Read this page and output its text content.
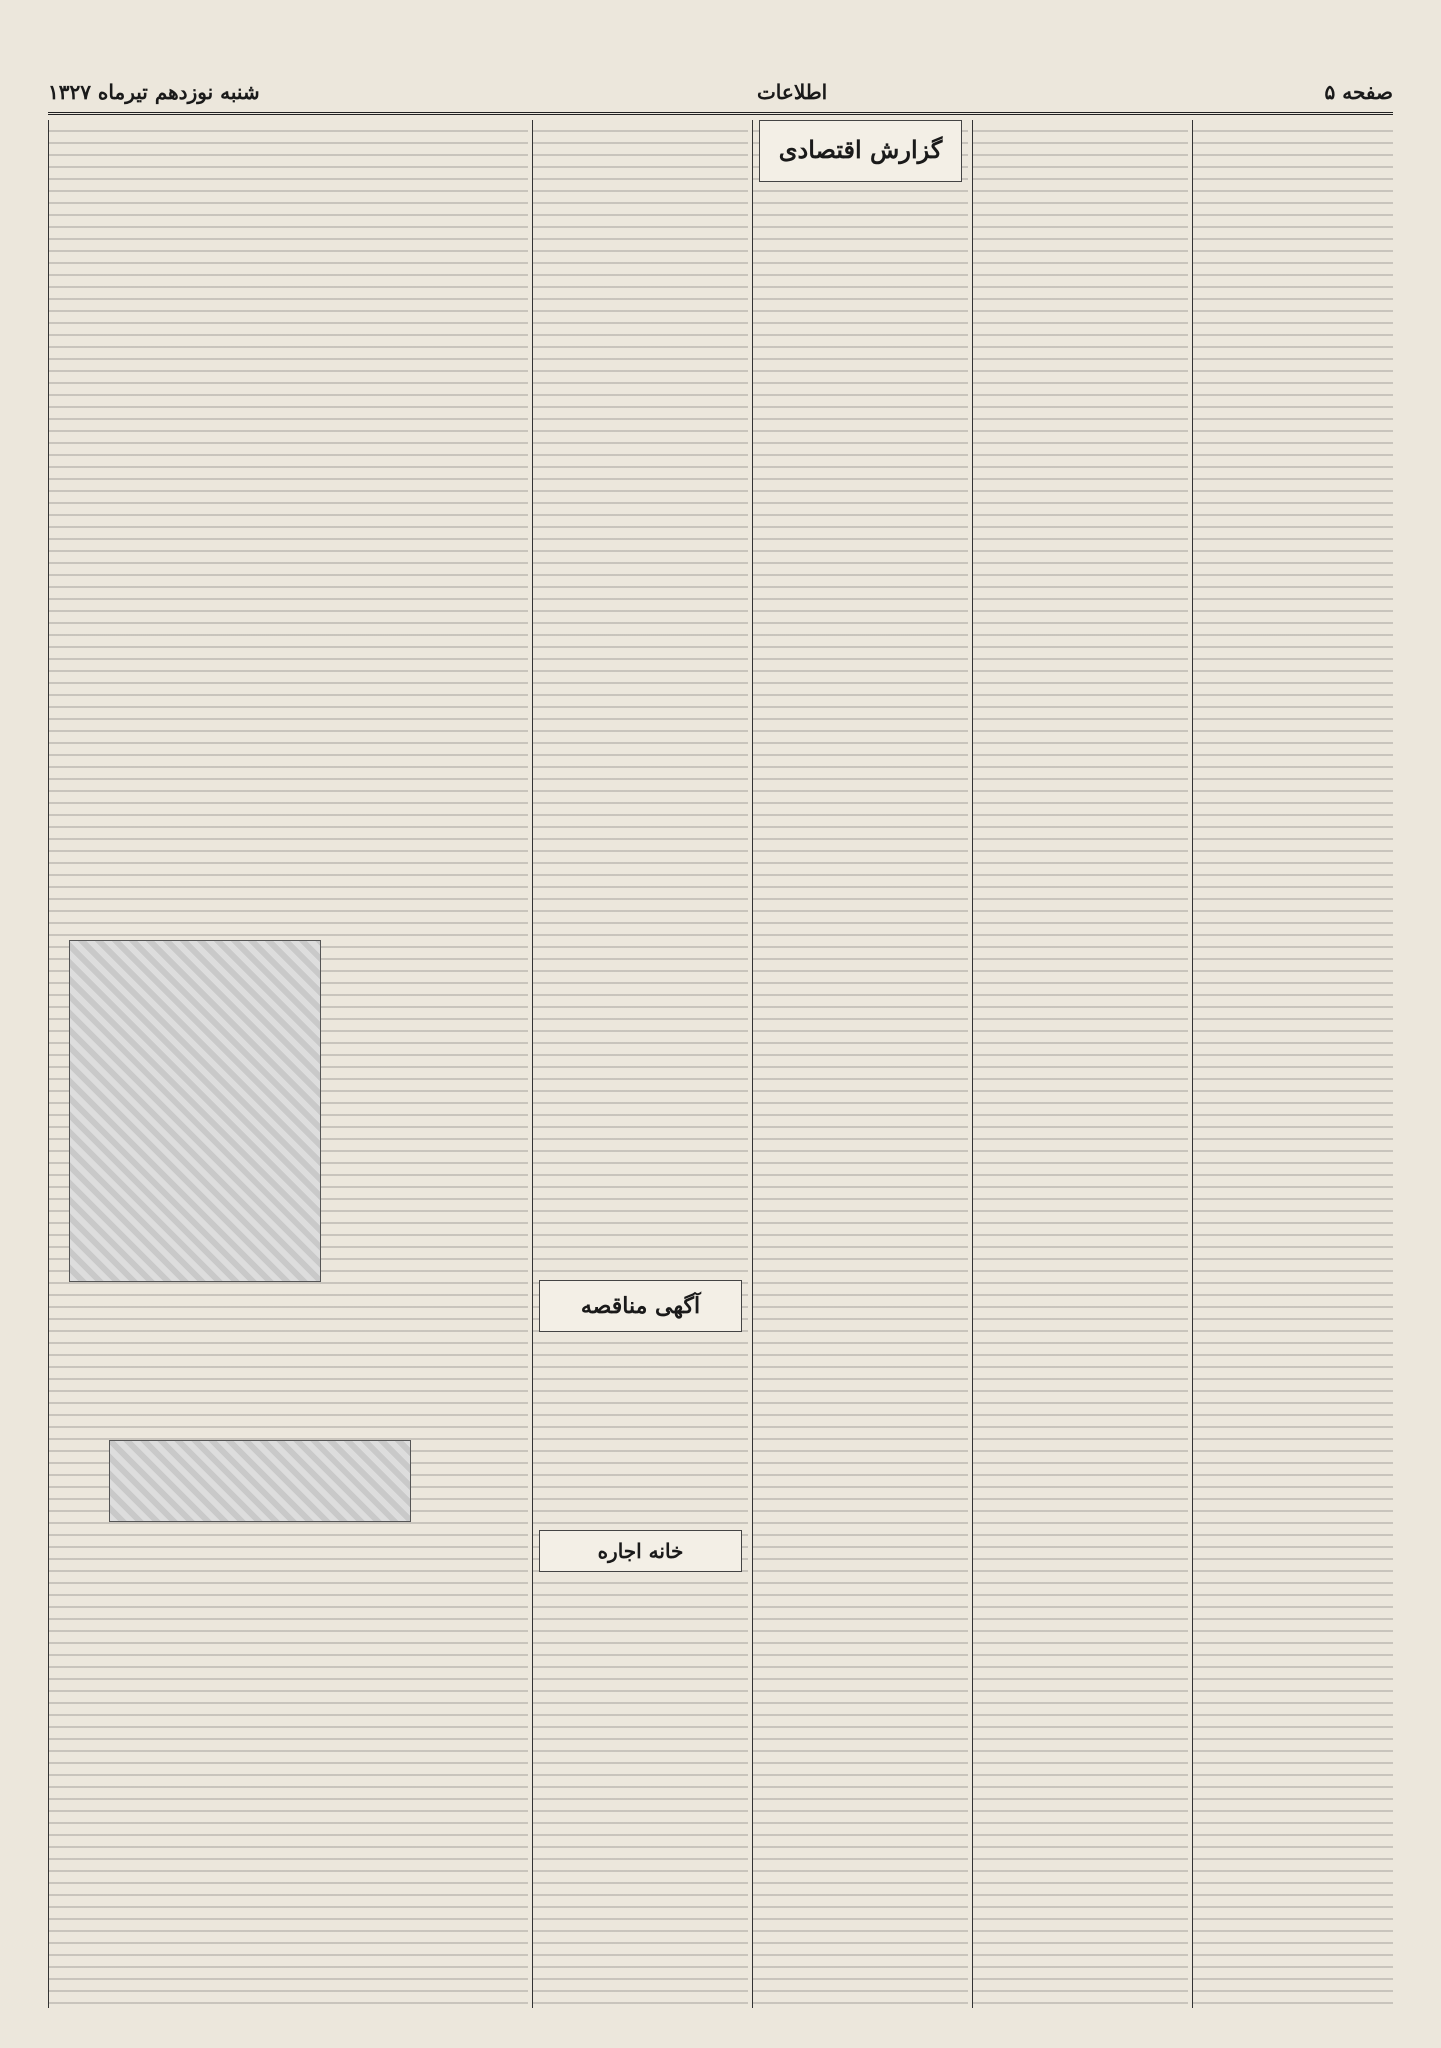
صفحه ۵
اطلاعات
شنبه نوزدهم تیرماه ۱۳۲۷
گزارش اقتصادی
آگهی مناقصه
خانه اجاره
